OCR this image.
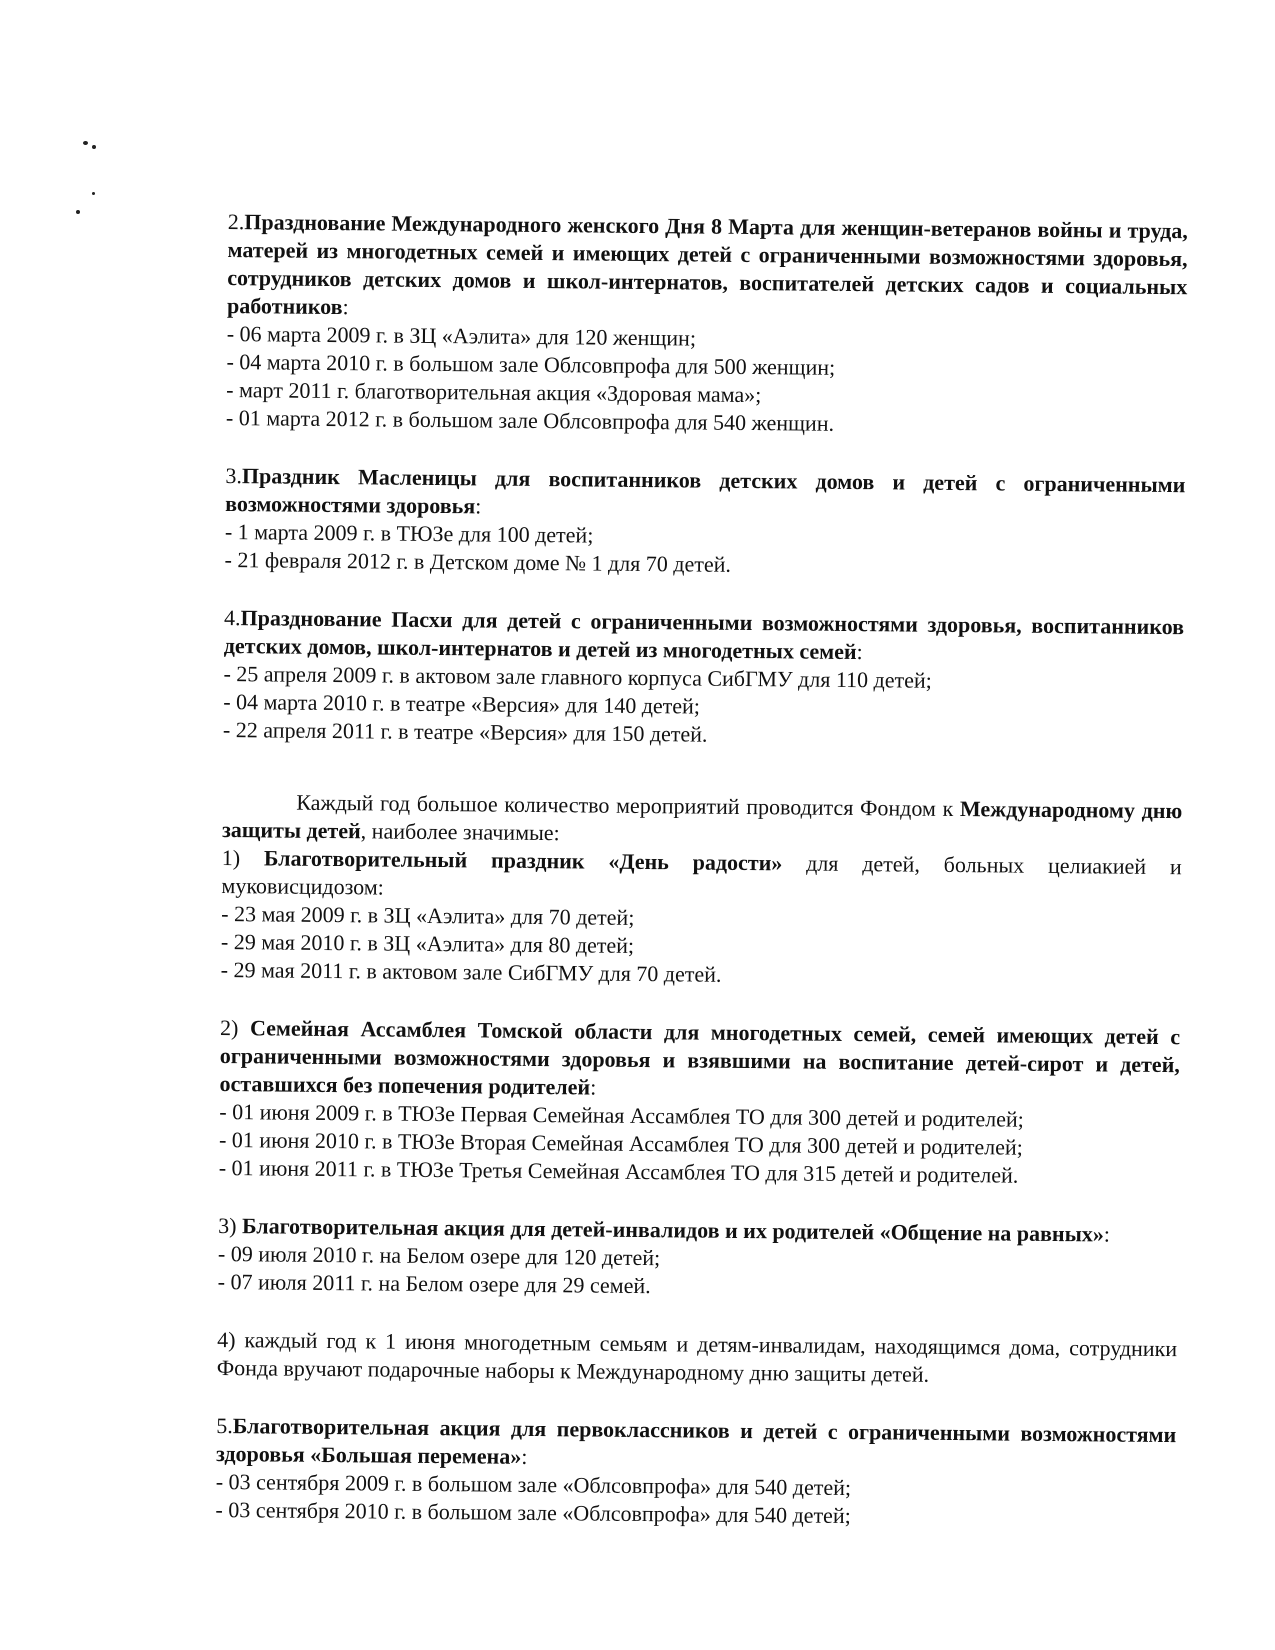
2.Празднование Международного женского Дня 8 Марта для женщин-ветеранов войны и труда, матерей из многодетных семей и имеющих детей с ограниченными возможностями здоровья, сотрудников детских домов и школ-интернатов, воспитателей детских садов и социальных работников:

- 06 марта 2009 г. в ЗЦ «Аэлита» для 120 женщин;

- 04 марта 2010 г. в большом зале Облсовпрофа для 500 женщин;

- март 2011 г. благотворительная акция «Здоровая мама»;

- 01 марта 2012 г. в большом зале Облсовпрофа для 540 женщин.

3.Праздник Масленицы для воспитанников детских домов и детей с ограниченными возможностями здоровья:

- 1 марта 2009 г. в ТЮЗе для 100 детей;

- 21 февраля 2012 г. в Детском доме № 1 для 70 детей.

4.Празднование Пасхи для детей с ограниченными возможностями здоровья, воспитанников детских домов, школ-интернатов и детей из многодетных семей:

- 25 апреля 2009 г. в актовом зале главного корпуса СибГМУ для 110 детей;

- 04 марта 2010 г. в театре «Версия» для 140 детей;

- 22 апреля 2011 г. в театре «Версия» для 150 детей.

Каждый год большое количество мероприятий проводится Фондом к Международному дню защиты детей, наиболее значимые:

1) Благотворительный праздник «День радости» для детей, больных целиакией и муковисцидозом:

- 23 мая 2009 г. в ЗЦ «Аэлита» для 70 детей;

- 29 мая 2010 г. в ЗЦ «Аэлита» для 80 детей;

- 29 мая 2011 г. в актовом зале СибГМУ для 70 детей.

2) Семейная Ассамблея Томской области для многодетных семей, семей имеющих детей с ограниченными возможностями здоровья и взявшими на воспитание детей-сирот и детей, оставшихся без попечения родителей:

- 01 июня 2009 г. в ТЮЗе Первая Семейная Ассамблея ТО для 300 детей и родителей;

- 01 июня 2010 г. в ТЮЗе Вторая Семейная Ассамблея ТО для 300 детей и родителей;

- 01 июня 2011 г. в ТЮЗе Третья Семейная Ассамблея ТО для 315 детей и родителей.

3) Благотворительная акция для детей-инвалидов и их родителей «Общение на равных»:

- 09 июля 2010 г. на Белом озере для 120 детей;

- 07 июля 2011 г. на Белом озере для 29 семей.

4) каждый год к 1 июня многодетным семьям и детям-инвалидам, находящимся дома, сотрудники Фонда вручают подарочные наборы к Международному дню защиты детей.

5.Благотворительная акция для первоклассников и детей с ограниченными возможностями здоровья «Большая перемена»:

- 03 сентября 2009 г. в большом зале «Облсовпрофа» для 540 детей;

- 03 сентября 2010 г. в большом зале «Облсовпрофа» для 540 детей;
